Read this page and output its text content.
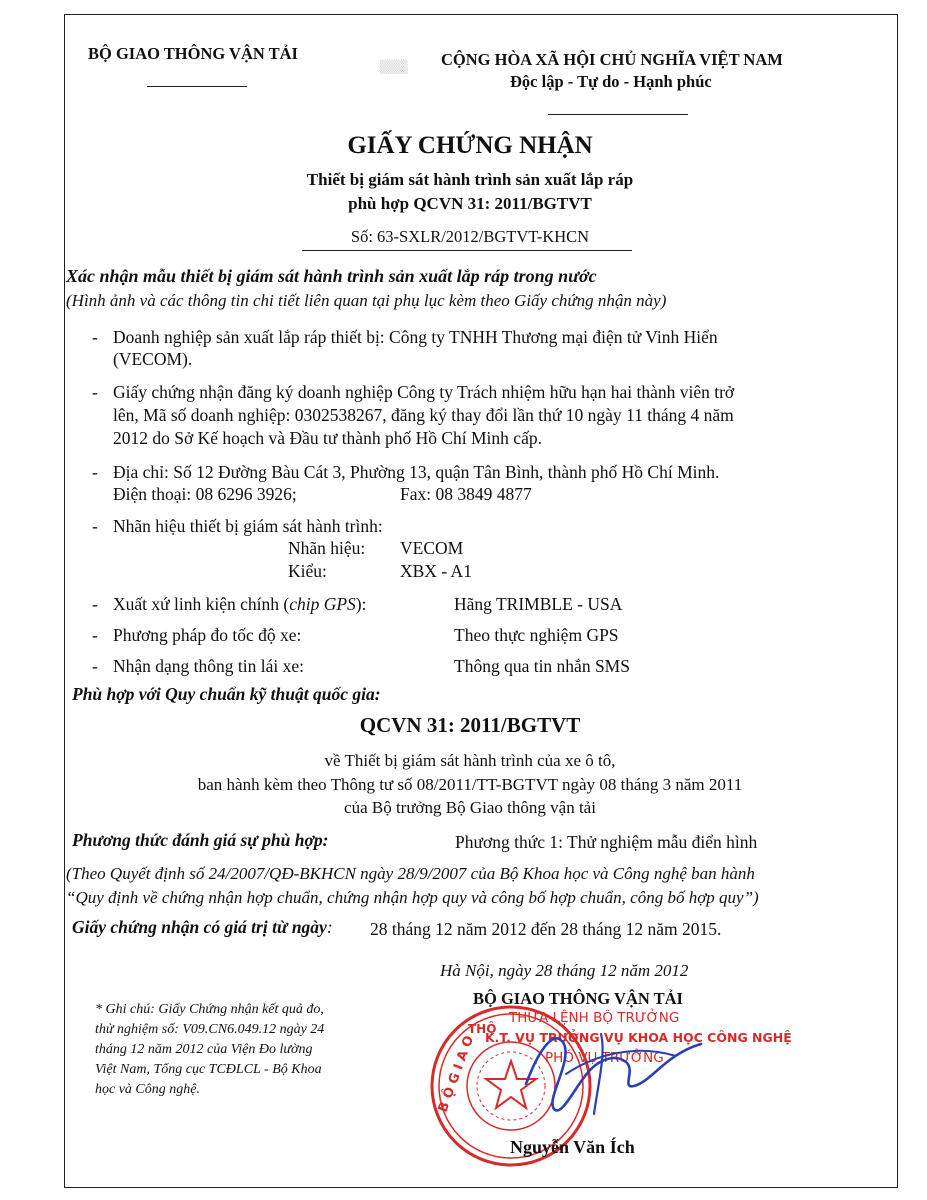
BỘ GIAO THÔNG VẬN TẢI
▒▒▒ CỘNG HÒA XÃ HỘI CHỦ NGHĨA VIỆT NAM
Độc lập - Tự do - Hạnh phúc
GIẤY CHỨNG NHẬN
Thiết bị giám sát hành trình sản xuất lắp ráp
phù hợp QCVN 31: 2011/BGTVT
Số: 63-SXLR/2012/BGTVT-KHCN
Xác nhận mẫu thiết bị giám sát hành trình sản xuất lắp ráp trong nước
(Hình ảnh và các thông tin chi tiết liên quan tại phụ lục kèm theo Giấy chứng nhận này)
- Doanh nghiệp sản xuất lắp ráp thiết bị: Công ty TNHH Thương mại điện tử Vinh Hiển
(VECOM).
- Giấy chứng nhận đăng ký doanh nghiệp Công ty Trách nhiệm hữu hạn hai thành viên trở
lên, Mã số doanh nghiệp: 0302538267, đăng ký thay đổi lần thứ 10 ngày 11 tháng 4 năm
2012 do Sở Kế hoạch và Đầu tư thành phố Hồ Chí Minh cấp.
- Địa chỉ: Số 12 Đường Bàu Cát 3, Phường 13, quận Tân Bình, thành phố Hồ Chí Minh.
Điện thoại: 08 6296 3926;	Fax: 08 3849 4877
- Nhãn hiệu thiết bị giám sát hành trình:
Nhãn hiệu: VECOM
Kiểu:	XBX - A1
- Xuất xứ linh kiện chính (chip GPS):	Hãng TRIMBLE - USA
- Phương pháp đo tốc độ xe:	Theo thực nghiệm GPS
- Nhận dạng thông tin lái xe:	Thông qua tin nhắn SMS
Phù hợp với Quy chuẩn kỹ thuật quốc gia:
QCVN 31: 2011/BGTVT
về Thiết bị giám sát hành trình của xe ô tô,
ban hành kèm theo Thông tư số 08/2011/TT-BGTVT ngày 08 tháng 3 năm 2011
của Bộ trưởng Bộ Giao thông vận tải
Phương thức đánh giá sự phù hợp:	Phương thức 1: Thử nghiệm mẫu điển hình
(Theo Quyết định số 24/2007/QĐ-BKHCN ngày 28/9/2007 của Bộ Khoa học và Công nghệ ban hành
“Quy định về chứng nhận hợp chuẩn, chứng nhận hợp quy và công bố hợp chuẩn, công bố hợp quy”)
Giấy chứng nhận có giá trị từ ngày: 28 tháng 12 năm 2012 đến 28 tháng 12 năm 2015.
Hà Nội, ngày 28 tháng 12 năm 2012
BỘ GIAO THÔNG VẬN TẢI
* Ghi chú: Giấy Chứng nhận kết quả đo,
thử nghiệm số: V09.CN6.049.12 ngày 24
tháng 12 năm 2012 của Viện Đo lường
Việt Nam, Tổng cục TCĐLCL - Bộ Khoa
học và Công nghệ.	B Ộ G I A O
THÔ
THỪA LỆNH BỘ TRƯỞNG
K.T. VỤ TRƯỞNG VỤ KHOA HỌC CÔNG NGHỆ
PHÓ VỤ TRƯỞNG
Nguyễn Văn Ích
